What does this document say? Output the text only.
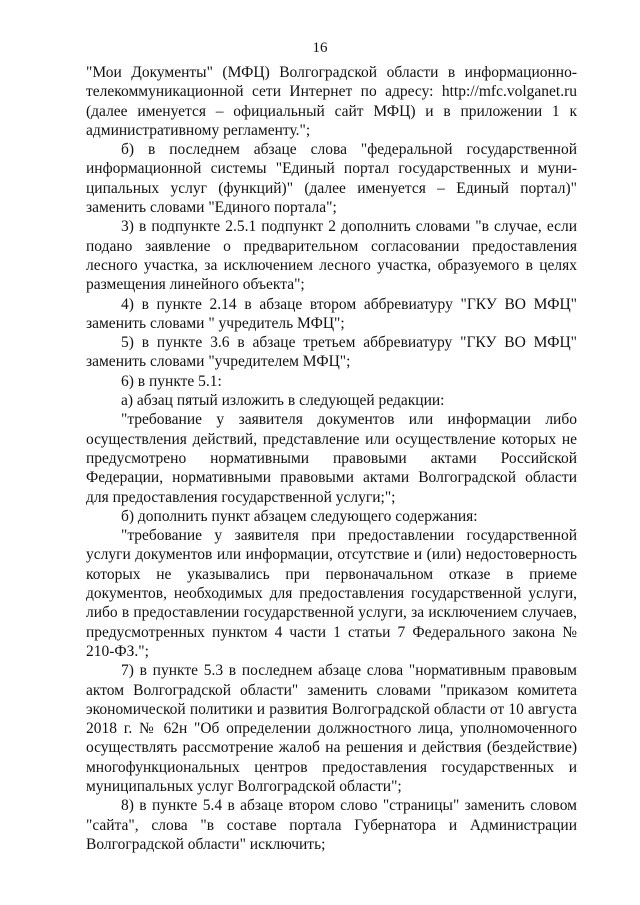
16

"Мои Документы" (МФЦ) Волгоградской области в информационно-телекоммуникационной сети Интернет по адресу: http://mfc.volganet.ru (далее именуется – официальный сайт МФЦ) и в приложении 1 к административному регламенту.";

б) в последнем абзаце слова "федеральной государственной информационной системы "Единый портал государственных и муниципальных услуг (функций)" (далее именуется – Единый портал)" заменить словами "Единого портала";

3) в подпункте 2.5.1 подпункт 2 дополнить словами "в случае, если подано заявление о предварительном согласовании предоставления лесного участка, за исключением лесного участка, образуемого в целях размещения линейного объекта";

4) в пункте 2.14 в абзаце втором аббревиатуру "ГКУ ВО МФЦ" заменить словами " учредитель МФЦ";

5) в пункте 3.6 в абзаце третьем аббревиатуру "ГКУ ВО МФЦ" заменить словами "учредителем МФЦ";

6) в пункте 5.1:

а) абзац пятый изложить в следующей редакции:

"требование у заявителя документов или информации либо осуществления действий, представление или осуществление которых не предусмотрено нормативными правовыми актами Российской Федерации, нормативными правовыми актами Волгоградской области для предоставления государственной услуги;";

б) дополнить пункт абзацем следующего содержания:

"требование у заявителя при предоставлении государственной услуги документов или информации, отсутствие и (или) недостоверность которых не указывались при первоначальном отказе в приеме документов, необходимых для предоставления государственной услуги, либо в предоставлении государственной услуги, за исключением случаев, предусмотренных пунктом 4 части 1 статьи 7 Федерального закона № 210-ФЗ.";

7) в пункте 5.3 в последнем абзаце слова "нормативным правовым актом Волгоградской области" заменить словами "приказом комитета экономической политики и развития Волгоградской области от 10 августа 2018 г. № 62н "Об определении должностного лица, уполномоченного осуществлять рассмотрение жалоб на решения и действия (бездействие) многофункциональных центров предоставления государственных и муниципальных услуг Волгоградской области";

8) в пункте 5.4 в абзаце втором слово "страницы" заменить словом "сайта", слова "в составе портала Губернатора и Администрации Волгоградской области" исключить;
